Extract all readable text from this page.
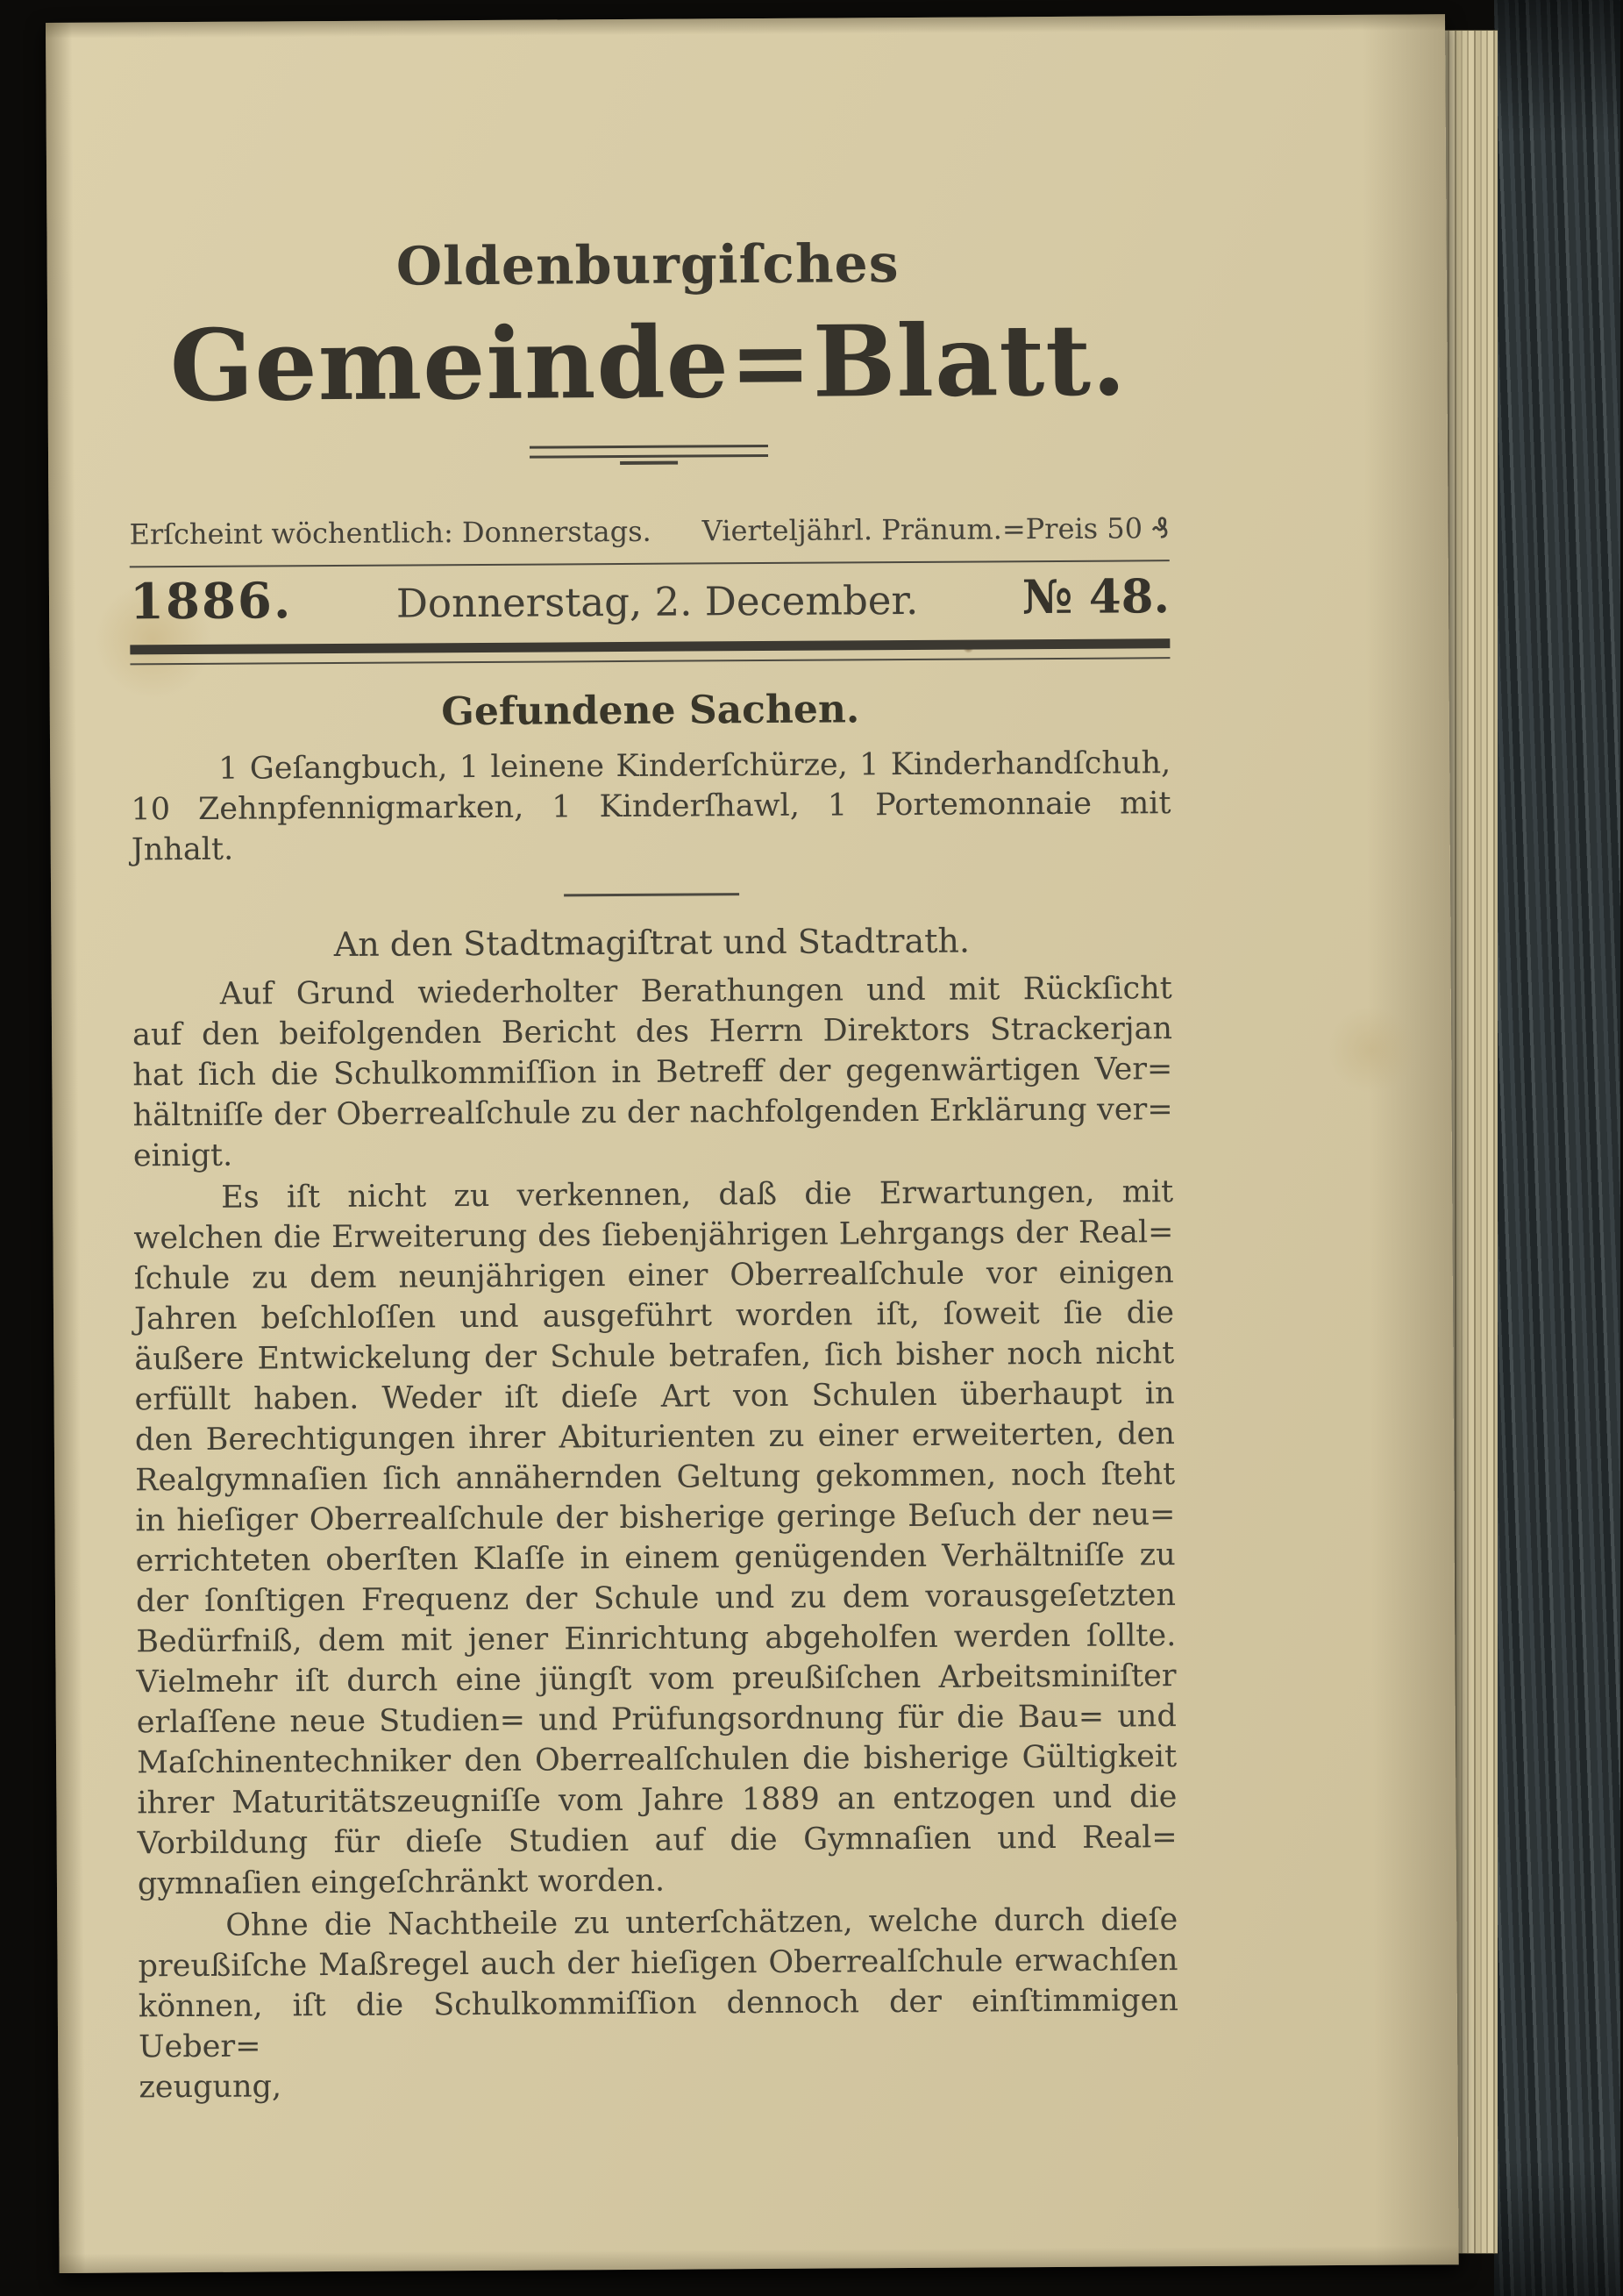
Oldenburgiſches
Gemeinde=Blatt.
Erſcheint wöchentlich: Donnerstags. Vierteljährl. Pränum.=Preis 50 ₰
1886.	Donnerstag, 2. December. № 48.
Gefundene Sachen.
1 Geſangbuch, 1 leinene Kinderſchürze, 1 Kinderhandſchuh,
10 Zehnpfennigmarken, 1 Kinderſhawl, 1 Portemonnaie mit
Jnhalt.
An den Stadtmagiſtrat und Stadtrath.
Auf Grund wiederholter Berathungen und mit Rückſicht
auf den beifolgenden Bericht des Herrn Direktors Strackerjan
hat ſich die Schulkommiſſion in Betreff der gegenwärtigen Ver=
hältniſſe der Oberrealſchule zu der nachfolgenden Erklärung ver=
einigt.
Es iſt nicht zu verkennen, daß die Erwartungen, mit
welchen die Erweiterung des ſiebenjährigen Lehrgangs der Real=
ſchule zu dem neunjährigen einer Oberrealſchule vor einigen
Jahren beſchloſſen und ausgeführt worden iſt, ſoweit ſie die
äußere Entwickelung der Schule betrafen, ſich bisher noch nicht
erfüllt haben. Weder iſt dieſe Art von Schulen überhaupt in
den Berechtigungen ihrer Abiturienten zu einer erweiterten, den
Realgymnaſien ſich annähernden Geltung gekommen, noch ſteht
in hieſiger Oberrealſchule der bisherige geringe Beſuch der neu=
errichteten oberſten Klaſſe in einem genügenden Verhältniſſe zu
der ſonſtigen Frequenz der Schule und zu dem vorausgeſetzten
Bedürfniß, dem mit jener Einrichtung abgeholfen werden ſollte.
Vielmehr iſt durch eine jüngſt vom preußiſchen Arbeitsminiſter
erlaſſene neue Studien= und Prüfungsordnung für die Bau= und
Maſchinentechniker den Oberrealſchulen die bisherige Gültigkeit
ihrer Maturitätszeugniſſe vom Jahre 1889 an entzogen und die
Vorbildung für dieſe Studien auf die Gymnaſien und Real=
gymnaſien eingeſchränkt worden.
Ohne die Nachtheile zu unterſchätzen, welche durch dieſe
preußiſche Maßregel auch der hieſigen Oberrealſchule erwachſen
können, iſt die Schulkommiſſion dennoch der einſtimmigen Ueber=
zeugung,
